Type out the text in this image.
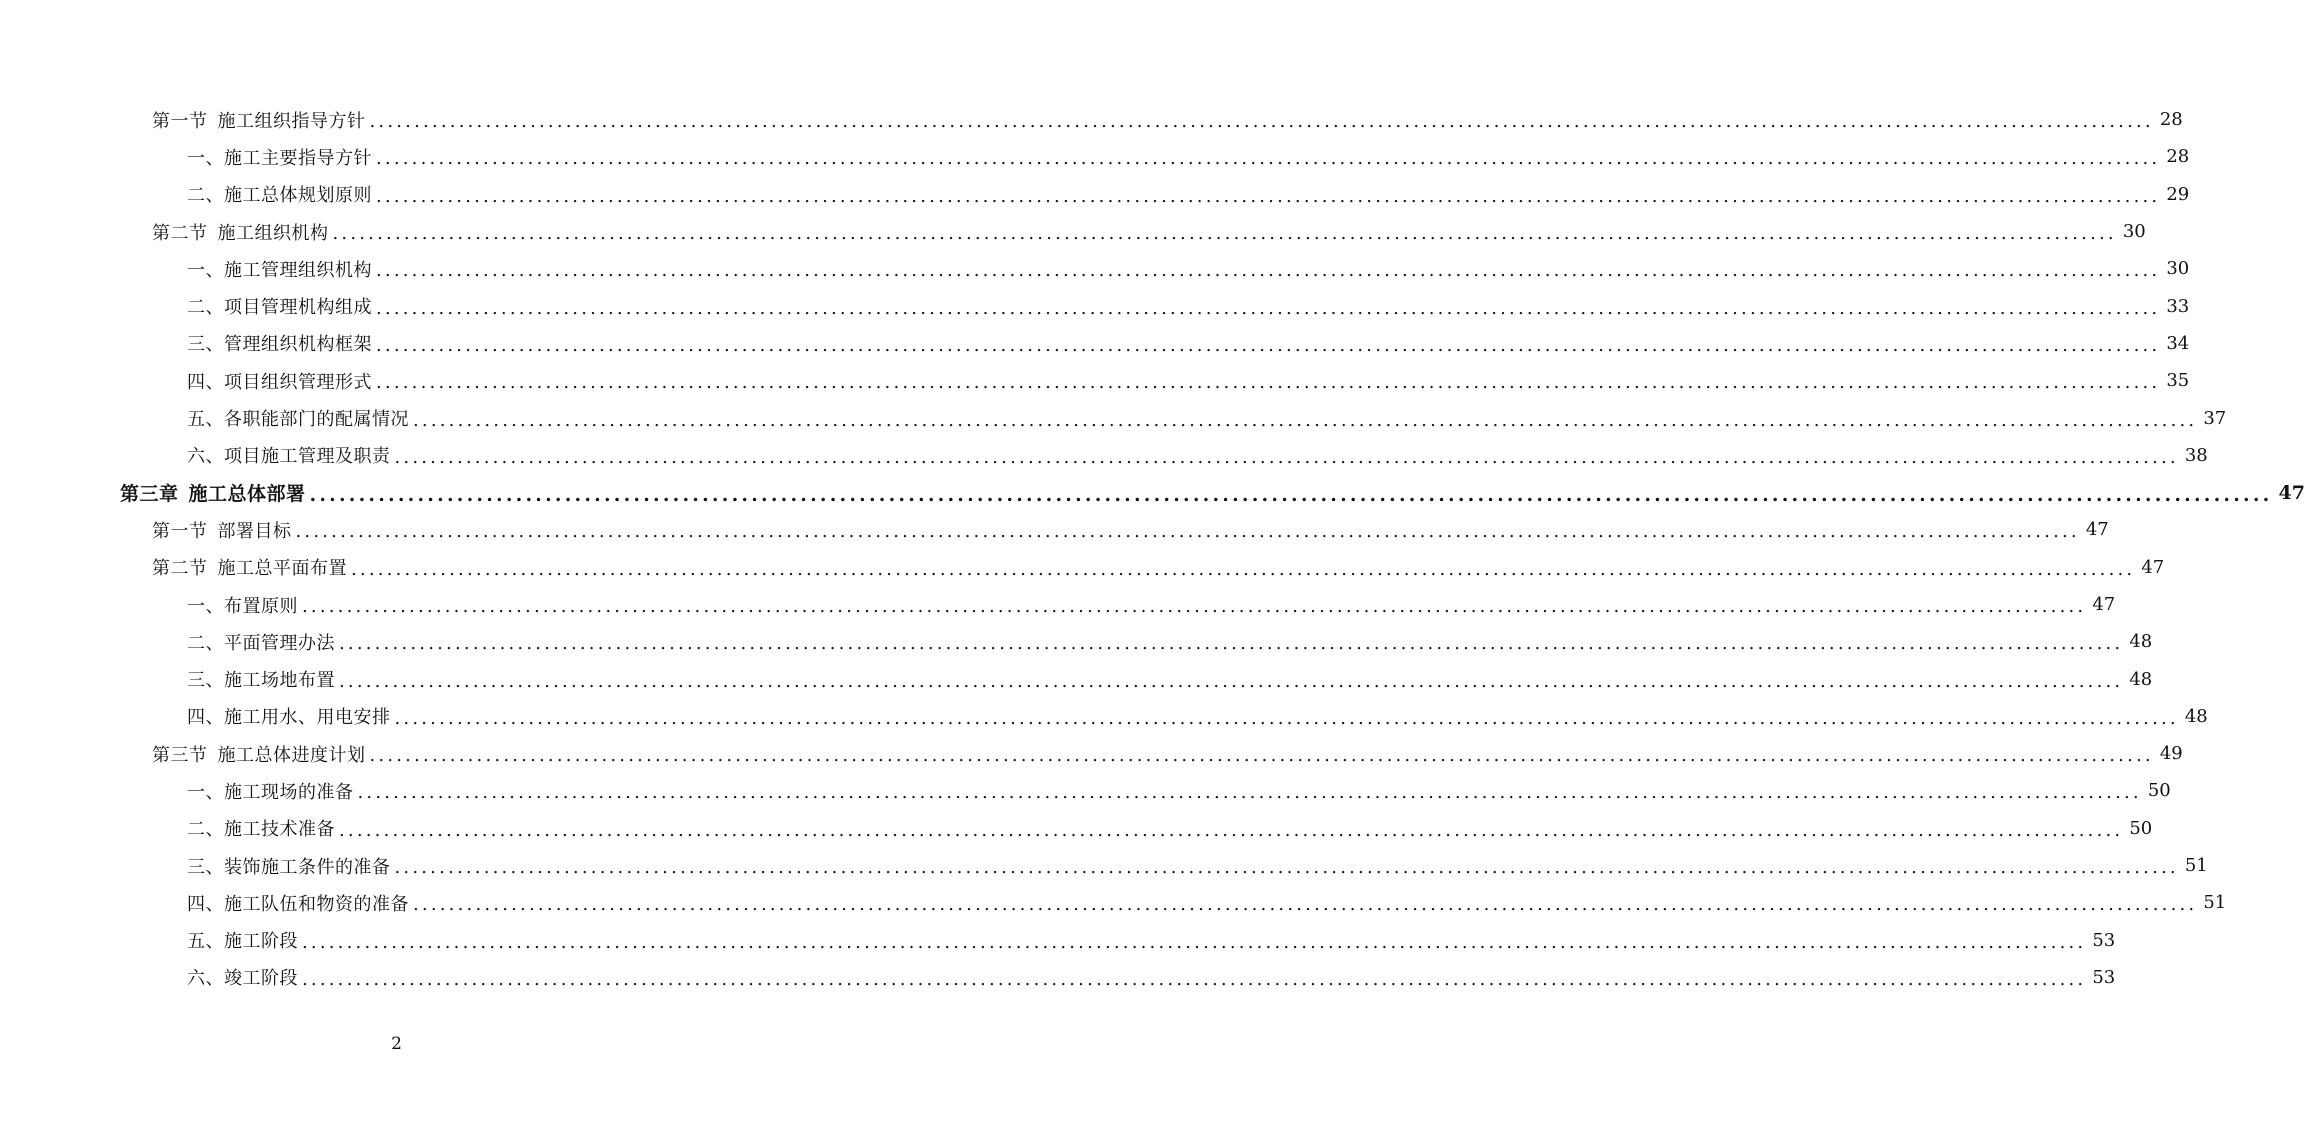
第一节 施工组织指导方针 ........................................................................................................................................................................................................ 28
一、施工主要指导方针 ........................................................................................................................................................................................................ 28
二、施工总体规划原则 ........................................................................................................................................................................................................ 29
第二节 施工组织机构 ........................................................................................................................................................................................................ 30
一、施工管理组织机构 ........................................................................................................................................................................................................ 30
二、项目管理机构组成 ........................................................................................................................................................................................................ 33
三、管理组织机构框架 ........................................................................................................................................................................................................ 34
四、项目组织管理形式 ........................................................................................................................................................................................................ 35
五、各职能部门的配属情况 ........................................................................................................................................................................................................ 37
六、项目施工管理及职责 ........................................................................................................................................................................................................ 38
第三章 施工总体部署 ........................................................................................................................................................................................................ 47
第一节 部署目标 ........................................................................................................................................................................................................ 47
第二节 施工总平面布置 ........................................................................................................................................................................................................ 47
一、布置原则 ........................................................................................................................................................................................................ 47
二、平面管理办法 ........................................................................................................................................................................................................ 48
三、施工场地布置 ........................................................................................................................................................................................................ 48
四、施工用水、用电安排 ........................................................................................................................................................................................................ 48
第三节 施工总体进度计划 ........................................................................................................................................................................................................ 49
一、施工现场的准备 ........................................................................................................................................................................................................ 50
二、施工技术准备 ........................................................................................................................................................................................................ 50
三、装饰施工条件的准备 ........................................................................................................................................................................................................ 51
四、施工队伍和物资的准备 ........................................................................................................................................................................................................ 51
五、施工阶段 ........................................................................................................................................................................................................ 53
六、竣工阶段 ........................................................................................................................................................................................................ 53
2
